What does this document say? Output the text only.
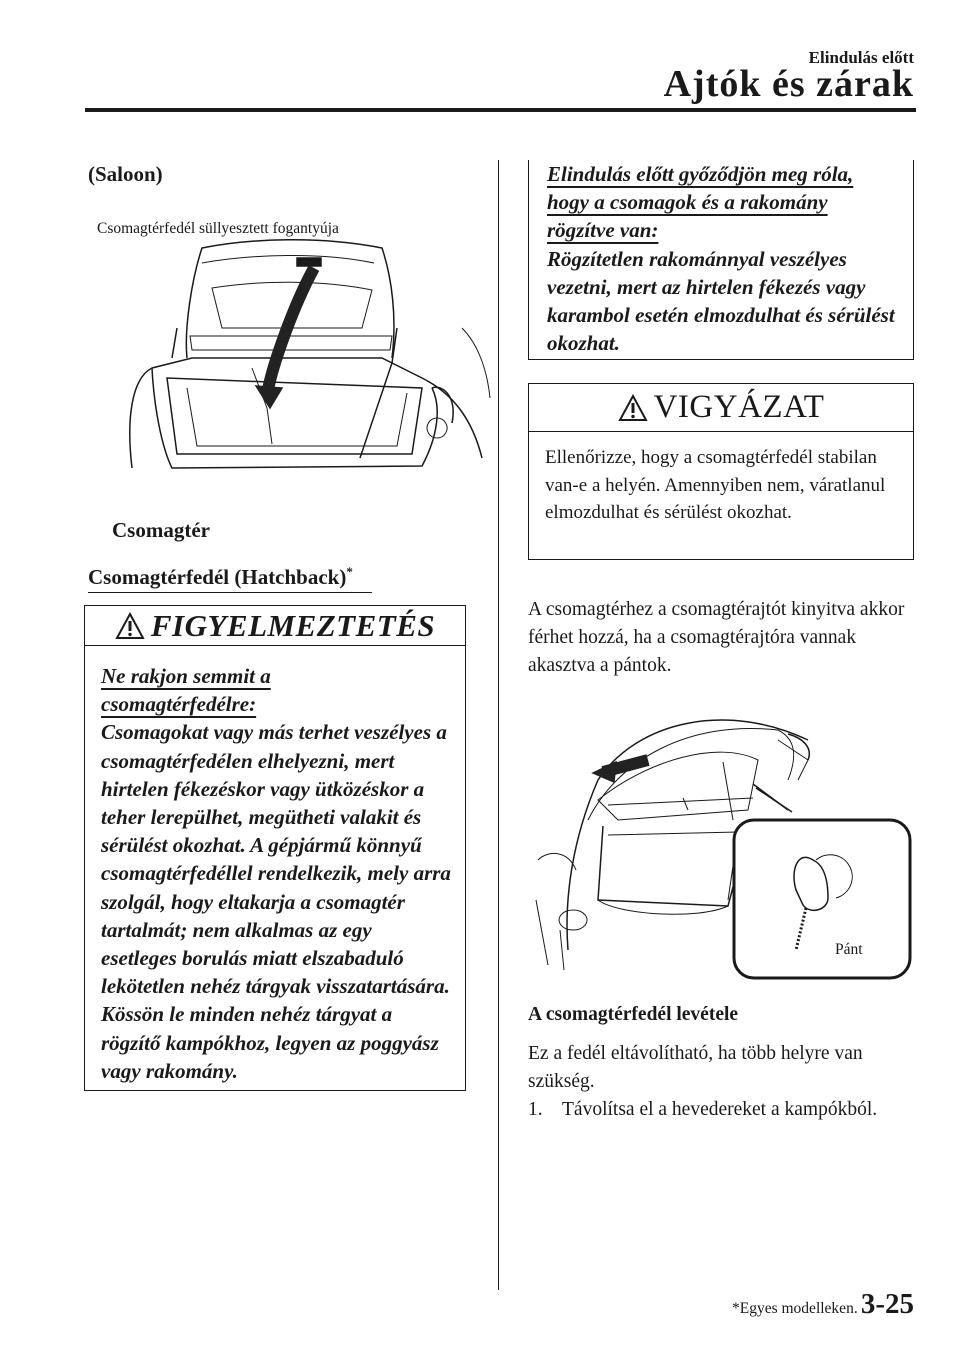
Elindulás előtt
Ajtók és zárak
(Saloon)
Csomagtérfedél süllyesztett fogantyúja
Csomagtér
Csomagtérfedél (Hatchback)*
FIGYELMEZTETÉS
Ne rakjon semmit a
csomagtérfedélre:
Csomagokat vagy más terhet veszélyes a csomagtérfedélen elhelyezni, mert hirtelen fékezéskor vagy ütközéskor a teher lerepülhet, megütheti valakit és sérülést okozhat. A gépjármű könnyű csomagtérfedéllel rendelkezik, mely arra szolgál, hogy eltakarja a csomagtér tartalmát; nem alkalmas az egy esetleges borulás miatt elszabaduló lekötetlen nehéz tárgyak visszatartására. Kössön le minden nehéz tárgyat a rögzítő kampókhoz, legyen az poggyász vagy rakomány.
Elindulás előtt győződjön meg róla,
hogy a csomagok és a rakomány
rögzítve van:
Rögzítetlen rakománnyal veszélyes vezetni, mert az hirtelen fékezés vagy karambol esetén elmozdulhat és sérülést okozhat.
VIGYÁZAT
Ellenőrizze, hogy a csomagtérfedél stabilan van-e a helyén. Amennyiben nem, váratlanul elmozdulhat és sérülést okozhat.
A csomagtérhez a csomagtérajtót kinyitva akkor férhet hozzá, ha a csomagtérajtóra vannak akasztva a pántok.
Pánt
A csomagtérfedél levétele
Ez a fedél eltávolítható, ha több helyre van szükség.
1. Távolítsa el a hevedereket a kampókból.
*Egyes modelleken. 3-25
